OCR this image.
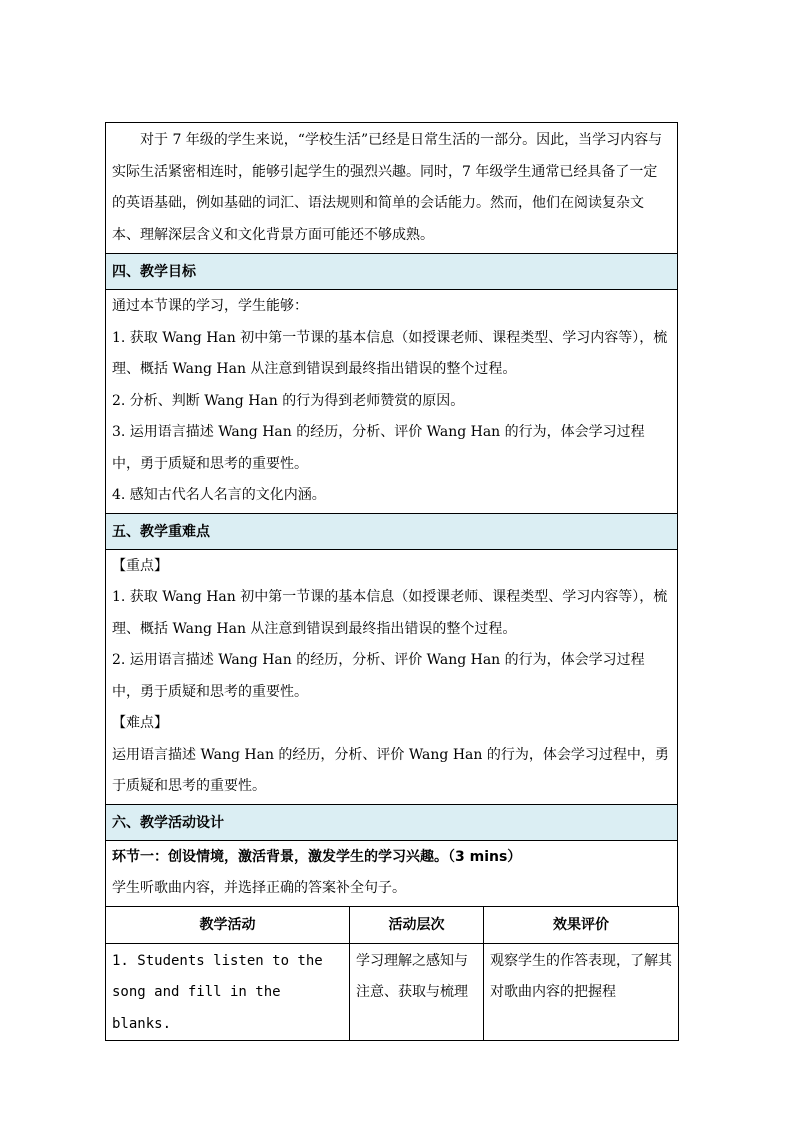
对于 7 年级的学生来说，“学校生活”已经是日常生活的一部分。因此，当学习内容与实际生活紧密相连时，能够引起学生的强烈兴趣。同时，7 年级学生通常已经具备了一定的英语基础，例如基础的词汇、语法规则和简单的会话能力。然而，他们在阅读复杂文本、理解深层含义和文化背景方面可能还不够成熟。

四、教学目标

通过本节课的学习，学生能够：

1. 获取 Wang Han 初中第一节课的基本信息（如授课老师、课程类型、学习内容等），梳理、概括 Wang Han 从注意到错误到最终指出错误的整个过程。

2. 分析、判断 Wang Han 的行为得到老师赞赏的原因。

3. 运用语言描述 Wang Han 的经历，分析、评价 Wang Han 的行为，体会学习过程中，勇于质疑和思考的重要性。

4. 感知古代名人名言的文化内涵。

五、教学重难点

【重点】

1. 获取 Wang Han 初中第一节课的基本信息（如授课老师、课程类型、学习内容等），梳理、概括 Wang Han 从注意到错误到最终指出错误的整个过程。

2. 运用语言描述 Wang Han 的经历，分析、评价 Wang Han 的行为，体会学习过程中，勇于质疑和思考的重要性。

【难点】

运用语言描述 Wang Han 的经历，分析、评价 Wang Han 的行为，体会学习过程中，勇于质疑和思考的重要性。

六、教学活动设计

环节一：创设情境，激活背景，激发学生的学习兴趣。（3 mins）

学生听歌曲内容，并选择正确的答案补全句子。

教学活动	活动层次	效果评价
1. Students listen to the song and fill in the blanks.	学习理解之感知与注意、获取与梳理	观察学生的作答表现，了解其对歌曲内容的把握程
